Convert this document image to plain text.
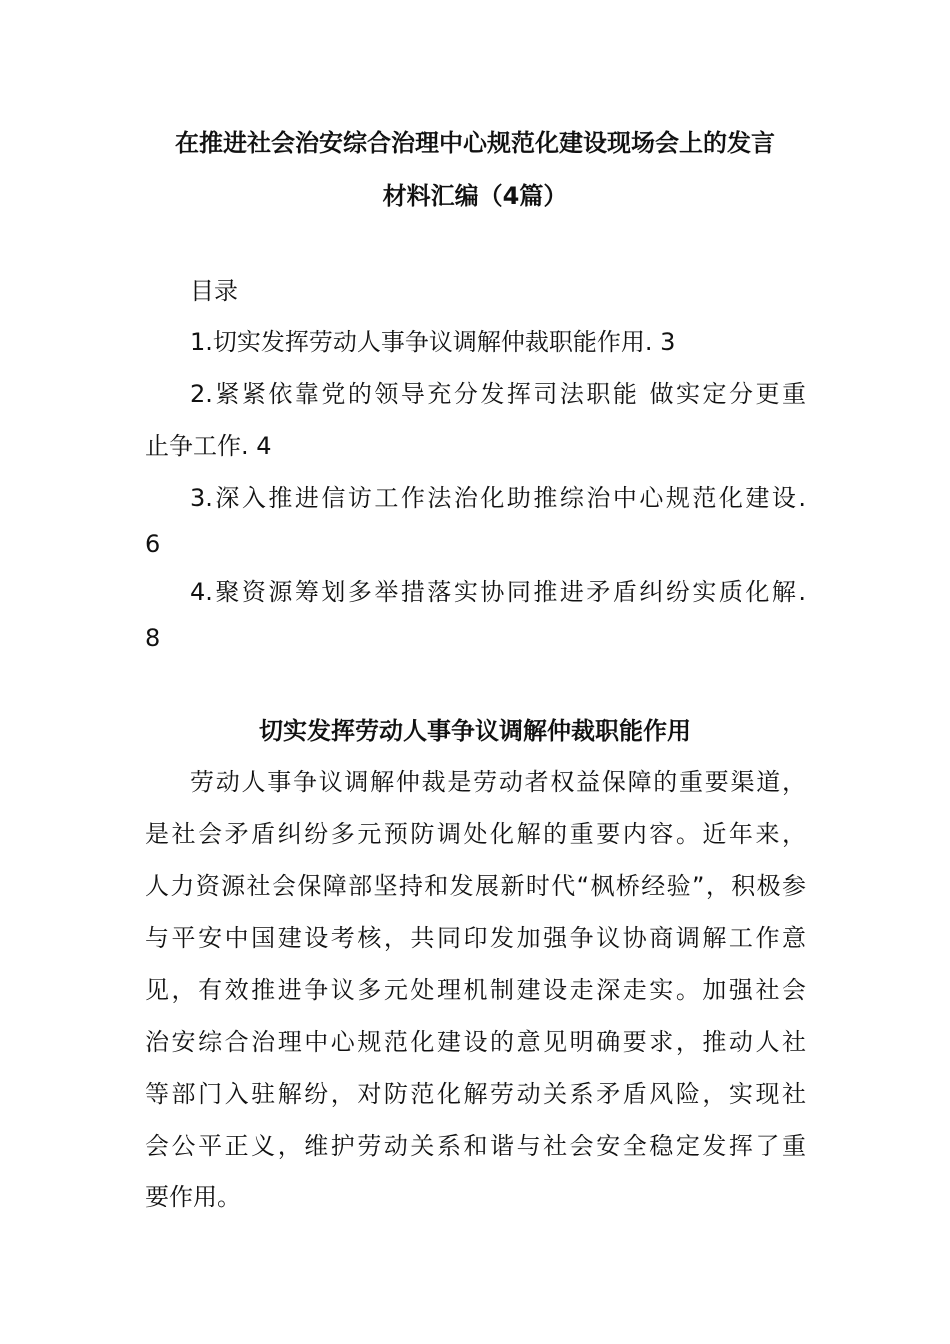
在推进社会治安综合治理中心规范化建设现场会上的发言
材料汇编（4篇）
目录
1.切实发挥劳动人事争议调解仲裁职能作用. 3
2.紧紧依靠党的领导充分发挥司法职能 做实定分更重
止争工作. 4
3.深入推进信访工作法治化助推综治中心规范化建设.
6
4.聚资源筹划多举措落实协同推进矛盾纠纷实质化解.
8
切实发挥劳动人事争议调解仲裁职能作用
劳动人事争议调解仲裁是劳动者权益保障的重要渠道，
是社会矛盾纠纷多元预防调处化解的重要内容。近年来，
人力资源社会保障部坚持和发展新时代“枫桥经验”，积极参
与平安中国建设考核，共同印发加强争议协商调解工作意
见，有效推进争议多元处理机制建设走深走实。加强社会
治安综合治理中心规范化建设的意见明确要求，推动人社
等部门入驻解纷，对防范化解劳动关系矛盾风险，实现社
会公平正义，维护劳动关系和谐与社会安全稳定发挥了重
要作用。
